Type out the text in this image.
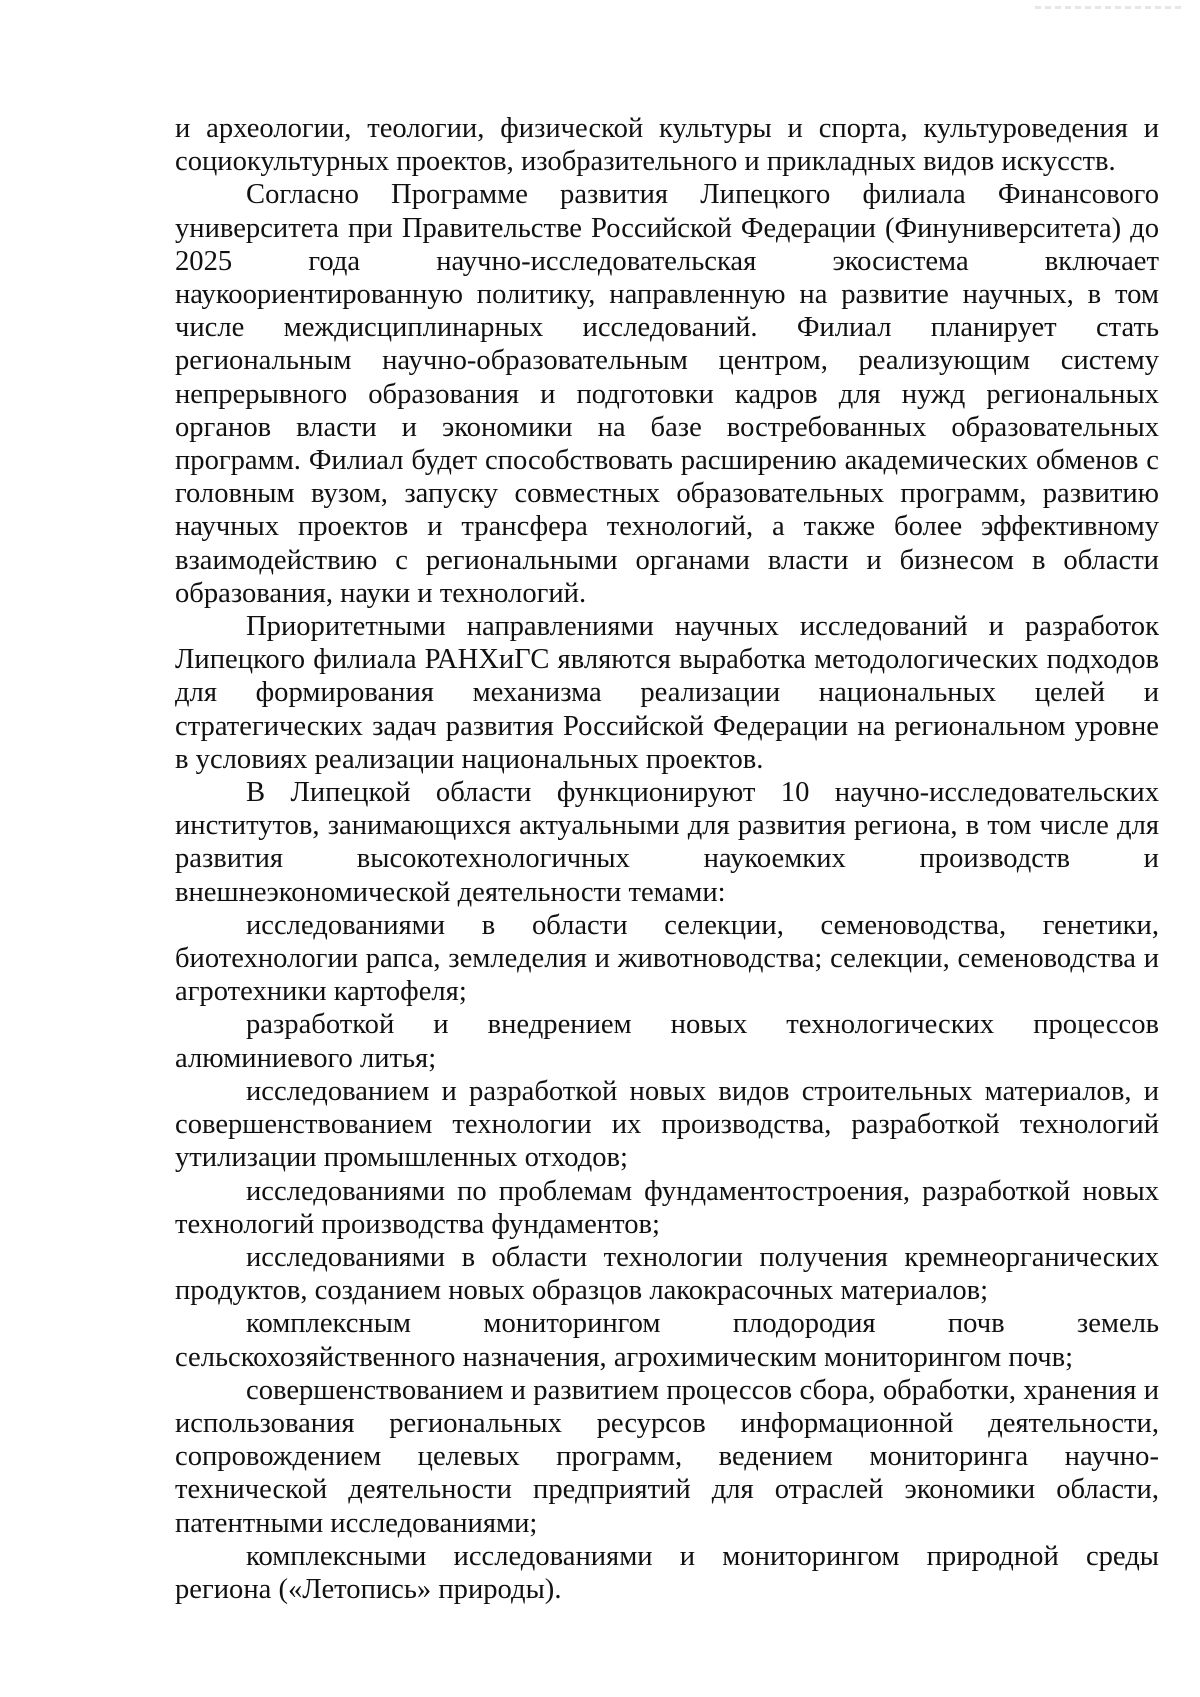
и археологии, теологии, физической культуры и спорта, культуроведения и социокультурных проектов, изобразительного и прикладных видов искусств.

Согласно Программе развития Липецкого филиала Финансового университета при Правительстве Российской Федерации (Финуниверситета) до 2025 года научно-исследовательская экосистема включает наукоориентированную политику, направленную на развитие научных, в том числе междисциплинарных исследований. Филиал планирует стать региональным научно-образовательным центром, реализующим систему непрерывного образования и подготовки кадров для нужд региональных органов власти и экономики на базе востребованных образовательных программ. Филиал будет способствовать расширению академических обменов с головным вузом, запуску совместных образовательных программ, развитию научных проектов и трансфера технологий, а также более эффективному взаимодействию с региональными органами власти и бизнесом в области образования, науки и технологий.

Приоритетными направлениями научных исследований и разработок Липецкого филиала РАНХиГС являются выработка методологических подходов для формирования механизма реализации национальных целей и стратегических задач развития Российской Федерации на региональном уровне в условиях реализации национальных проектов.

В Липецкой области функционируют 10 научно-исследовательских институтов, занимающихся актуальными для развития региона, в том числе для развития высокотехнологичных наукоемких производств и внешнеэкономической деятельности темами:

исследованиями в области селекции, семеноводства, генетики, биотехнологии рапса, земледелия и животноводства; селекции, семеноводства и агротехники картофеля;

разработкой и внедрением новых технологических процессов алюминиевого литья;

исследованием и разработкой новых видов строительных материалов, и совершенствованием технологии их производства, разработкой технологий утилизации промышленных отходов;

исследованиями по проблемам фундаментостроения, разработкой новых технологий производства фундаментов;

исследованиями в области технологии получения кремнеорганических продуктов, созданием новых образцов лакокрасочных материалов;

комплексным мониторингом плодородия почв земель сельскохозяйственного назначения, агрохимическим мониторингом почв;

совершенствованием и развитием процессов сбора, обработки, хранения и использования региональных ресурсов информационной деятельности, сопровождением целевых программ, ведением мониторинга научно-технической деятельности предприятий для отраслей экономики области, патентными исследованиями;

комплексными исследованиями и мониторингом природной среды региона («Летопись» природы).
